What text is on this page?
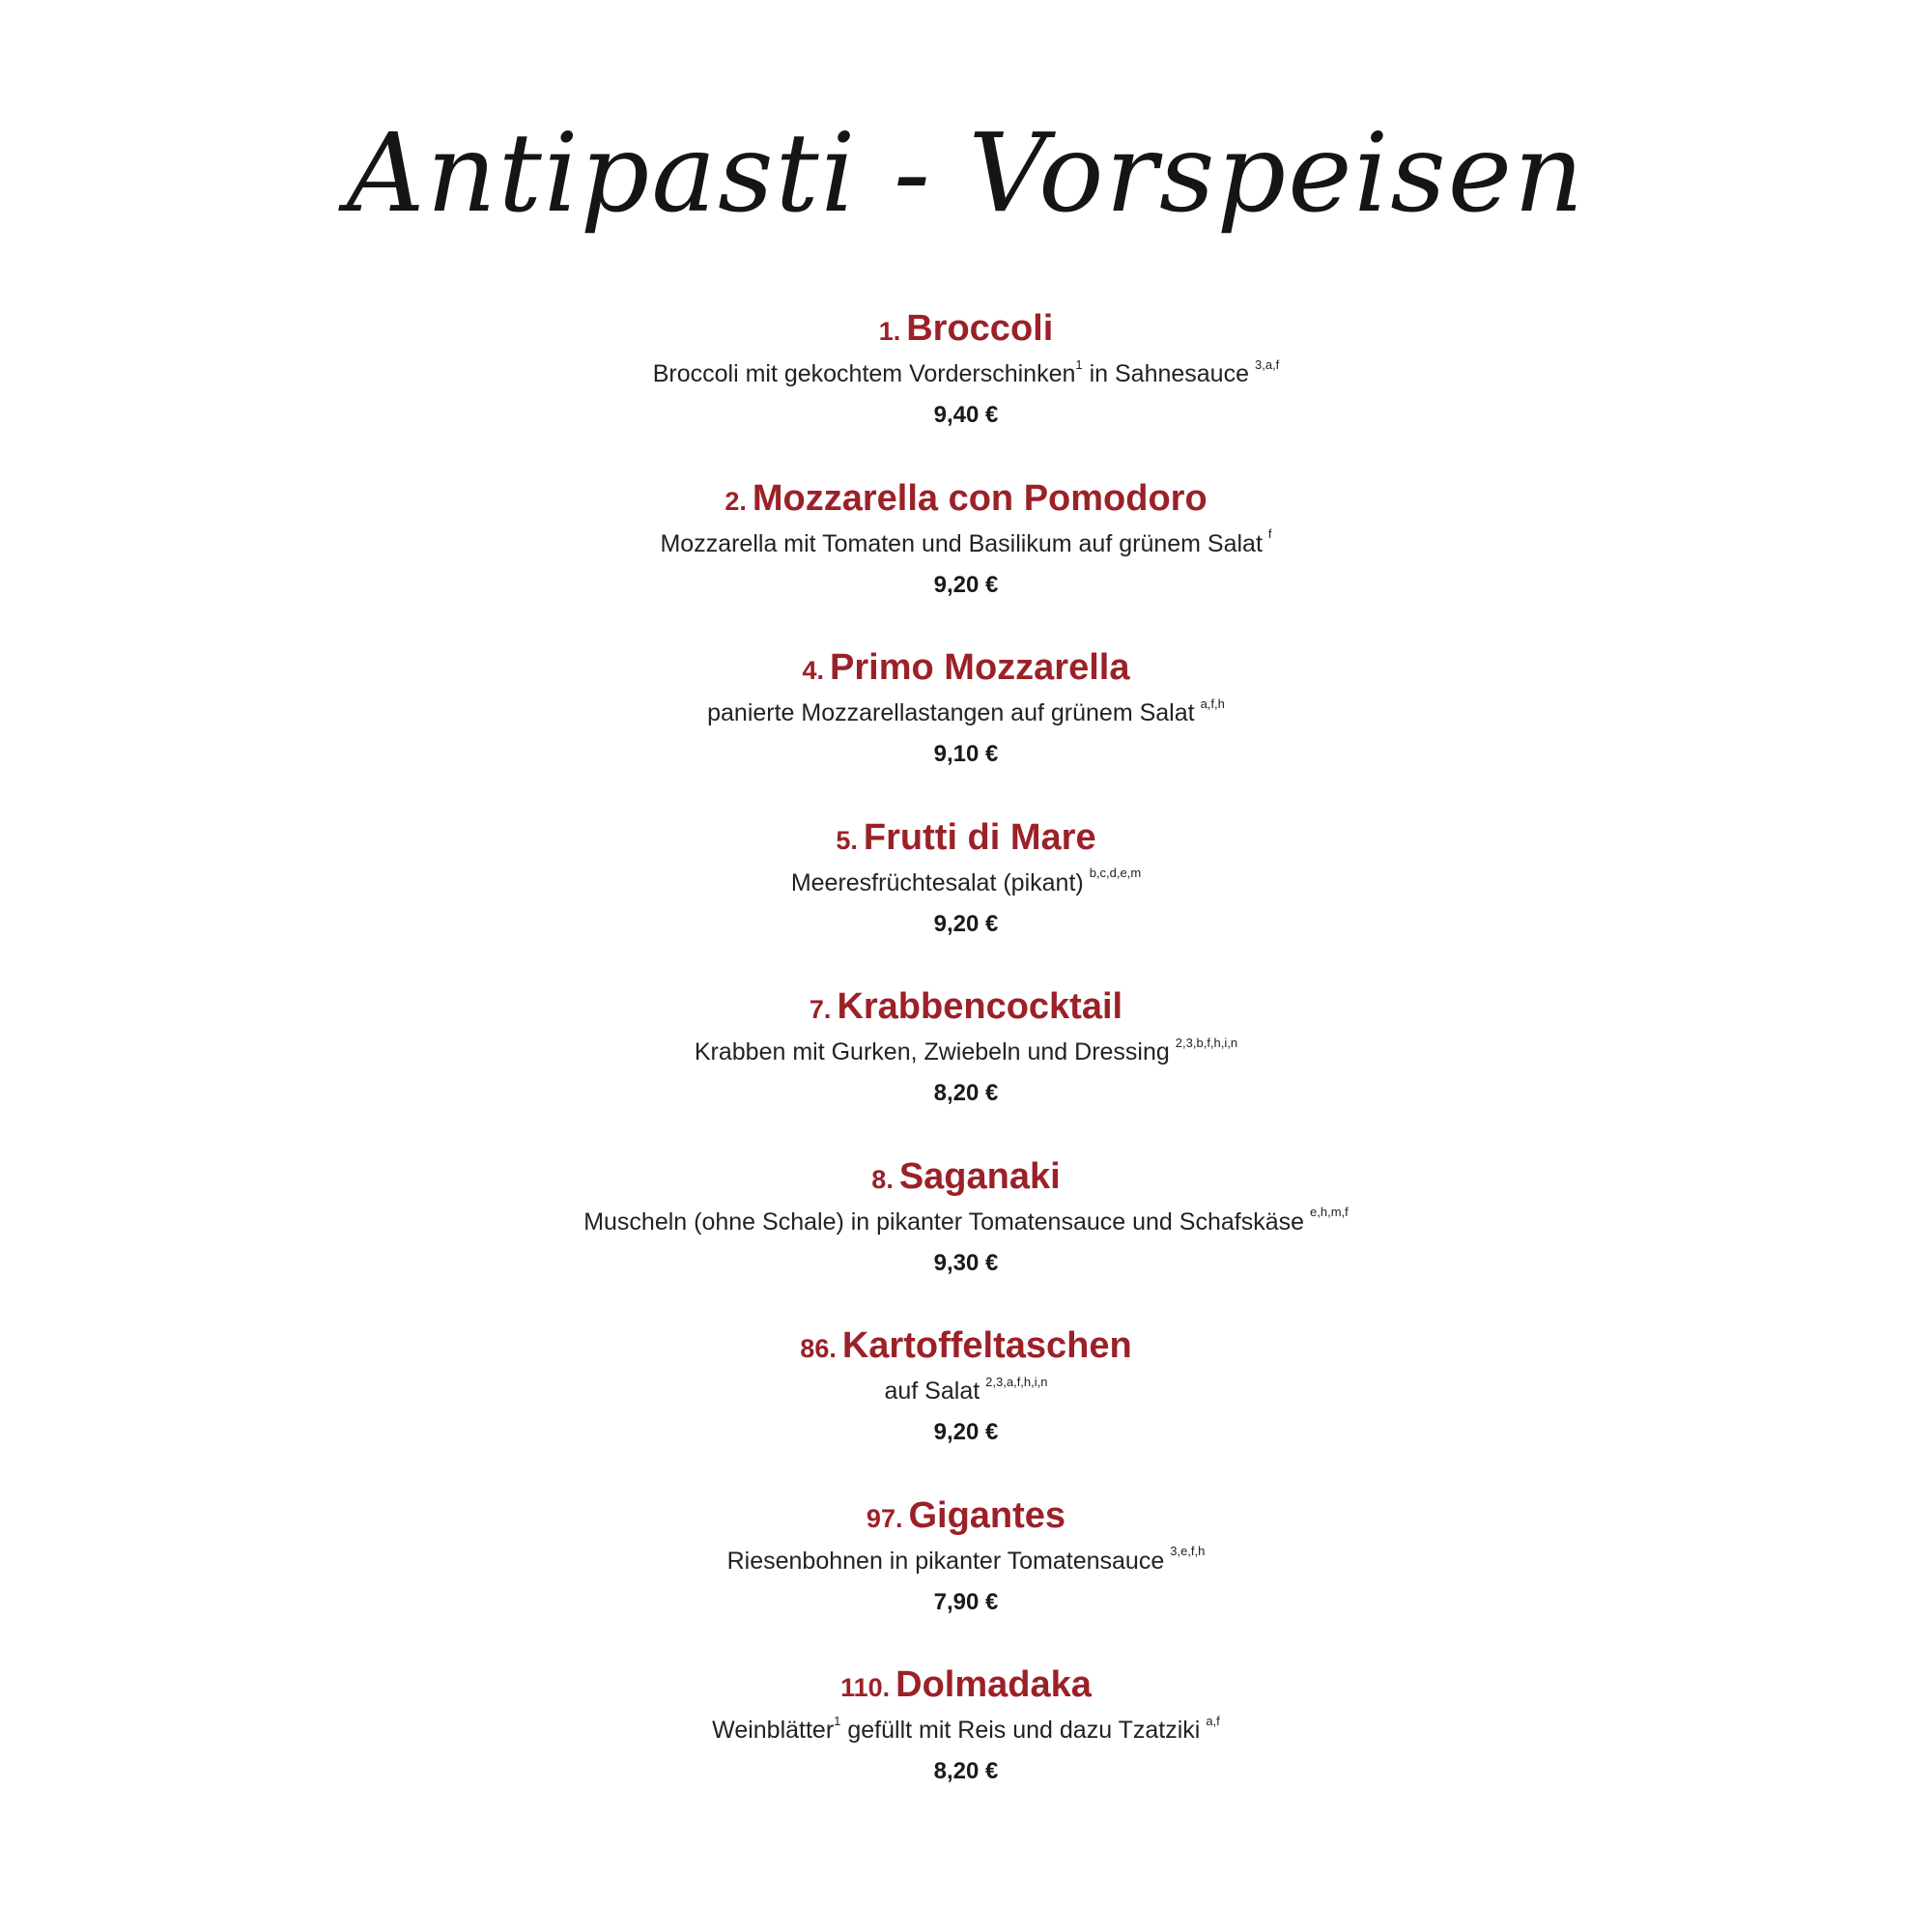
Antipasti - Vorspeisen
1. Broccoli
Broccoli mit gekochtem Vorderschinken$^1$ in Sahnesauce $^{3,a,f}$
9,40 €
2. Mozzarella con Pomodoro
Mozzarella mit Tomaten und Basilikum auf grünem Salat $^f$
9,20 €
4. Primo Mozzarella
panierte Mozzarellastangen auf grünem Salat $^{a,f,h}$
9,10 €
5. Frutti di Mare
Meeresfrüchtesalat (pikant) $^{b,c,d,e,m}$
9,20 €
7. Krabbencocktail
Krabben mit Gurken, Zwiebeln und Dressing $^{2,3,b,f,h,i,n}$
8,20 €
8. Saganaki
Muscheln (ohne Schale) in pikanter Tomatensauce und Schafskäse $^{e,h,m,f}$
9,30 €
86. Kartoffeltaschen
auf Salat $^{2,3,a,f,h,i,n}$
9,20 €
97. Gigantes
Riesenbohnen in pikanter Tomatensauce $^{3,e,f,h}$
7,90 €
110. Dolmadaka
Weinblätter$^1$ gefüllt mit Reis und dazu Tzatziki $^{a,f}$
8,20 €
